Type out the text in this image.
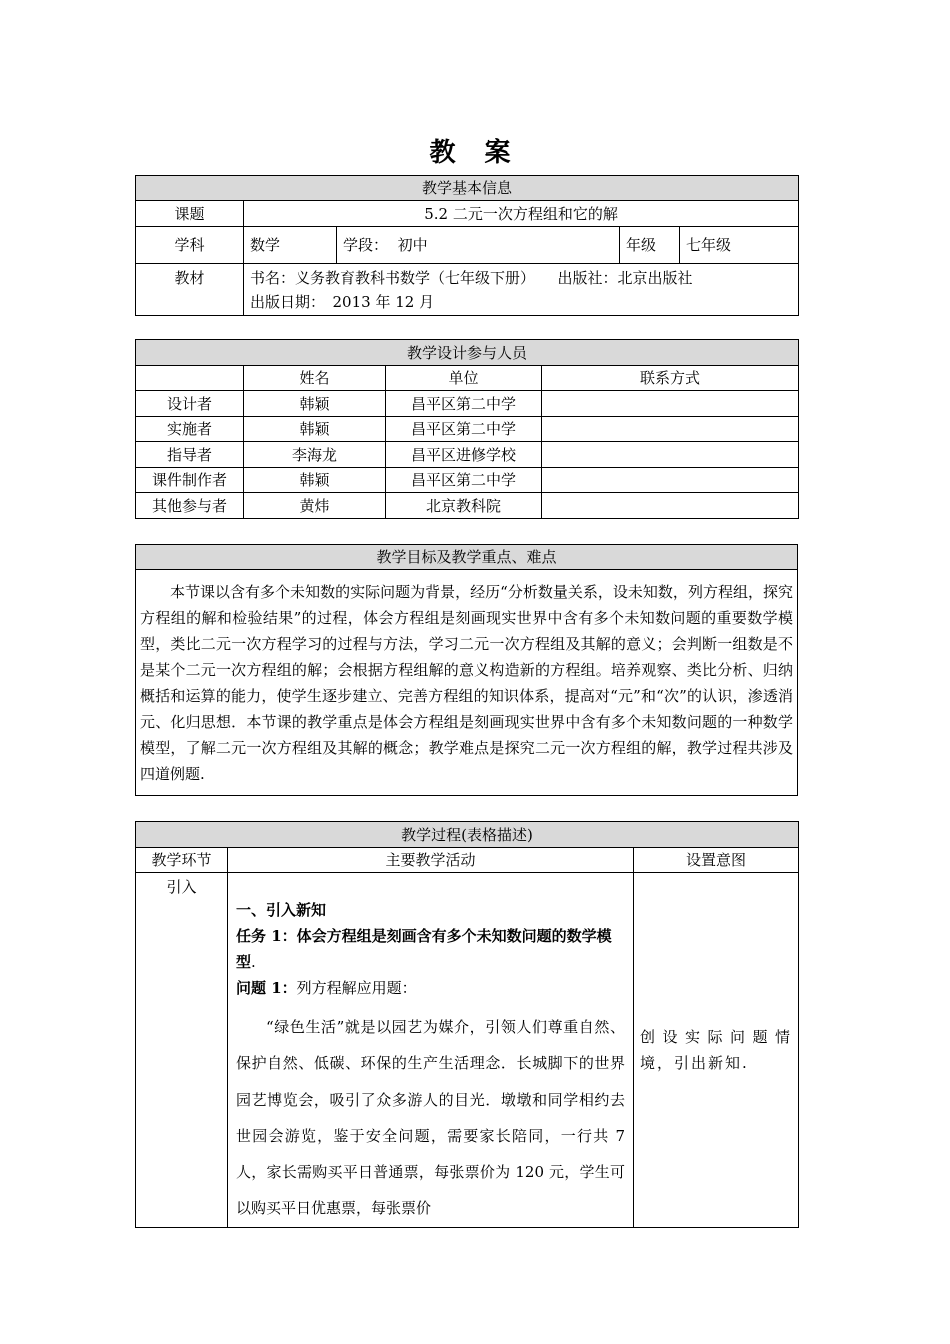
教 案
教学基本信息				
课题	5.2 二元一次方程组和它的解			
学科	数学	学段： 初中	年级	七年级
教材	书名：义务教育教科书数学（七年级下册）　　出版社：北京出版社
出版日期：　2013 年 12 月			
教学设计参与人员			
	姓名	单位	联系方式
设计者	韩颖	昌平区第二中学	
实施者	韩颖	昌平区第二中学	
指导者	李海龙	昌平区进修学校	
课件制作者	韩颖	昌平区第二中学	
其他参与者	黄炜	北京教科院	
教学目标及教学重点、难点
本节课以含有多个未知数的实际问题为背景，经历“分析数量关系，设未知数，列方程组，探究方程组的解和检验结果”的过程，体会方程组是刻画现实世界中含有多个未知数问题的重要数学模型，类比二元一次方程学习的过程与方法，学习二元一次方程组及其解的意义；会判断一组数是不是某个二元一次方程组的解；会根据方程组解的意义构造新的方程组。培养观察、类比分析、归纳概括和运算的能力，使学生逐步建立、完善方程组的知识体系，提高对“元”和“次”的认识，渗透消元、化归思想．本节课的教学重点是体会方程组是刻画现实世界中含有多个未知数问题的一种数学模型，了解二元一次方程组及其解的概念；教学难点是探究二元一次方程组的解，教学过程共涉及四道例题.
教学过程(表格描述)		
教学环节	主要教学活动	设置意图
引入	一、引入新知
任务 1：体会方程组是刻画含有多个未知数问题的数学模型.
问题 1：列方程解应用题：
“绿色生活”就是以园艺为媒介，引领人们尊重自然、保护自然、低碳、环保的生产生活理念．长城脚下的世界园艺博览会，吸引了众多游人的目光．墩墩和同学相约去世园会游览，鉴于安全问题，需要家长陪同，一行共 7 人，家长需购买平日普通票，每张票价为 120 元，学生可以购买平日优惠票，每张票价	创设实际问题情境，引出新知.
